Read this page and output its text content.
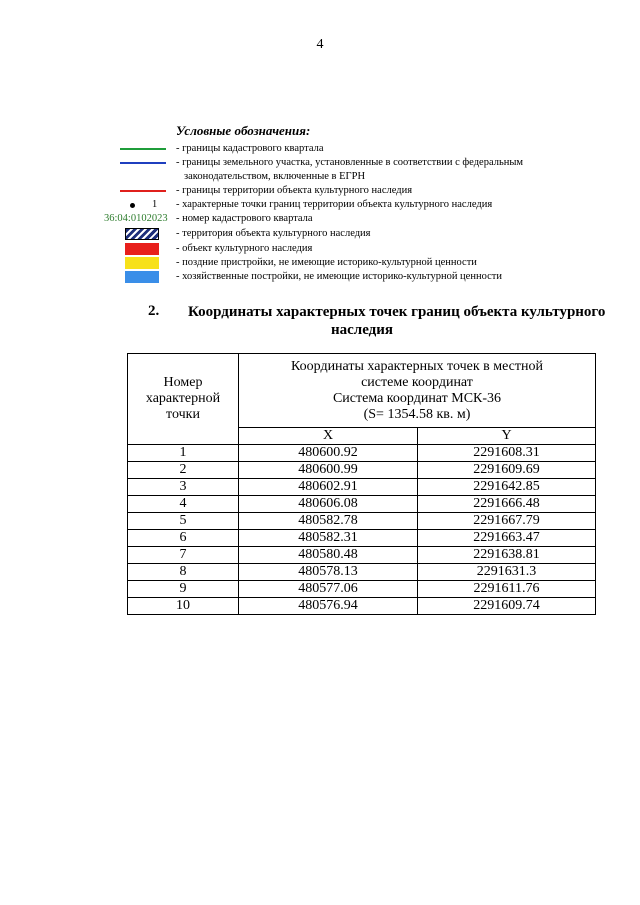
4
Условные обозначения:
- границы кадастрового квартала
- границы земельного участка, установленные в соответствии с федеральным
законодательством, включенные в ЕГРН
- границы территории объекта культурного наследия
1 - характерные точки границ территории объекта культурного наследия
36:04:0102023 - номер кадастрового квартала
- территория объекта культурного наследия
- объект культурного наследия
- поздние пристройки, не имеющие историко-культурной ценности
- хозяйственные постройки, не имеющие историко-культурной ценности
2. Координаты характерных точек границ объекта культурного
наследия
Номер
характерной точки	Координаты характерных точек в местной
системе координат
Система координат МСК-36
(S= 1354.58 кв. м)	

	X	Y
1	480600.92	2291608.31
2	480600.99	2291609.69
3	480602.91	2291642.85
4	480606.08	2291666.48
5	480582.78	2291667.79
6	480582.31	2291663.47
7	480580.48	2291638.81
8	480578.13	2291631.3
9	480577.06	2291611.76
10	480576.94	2291609.74
